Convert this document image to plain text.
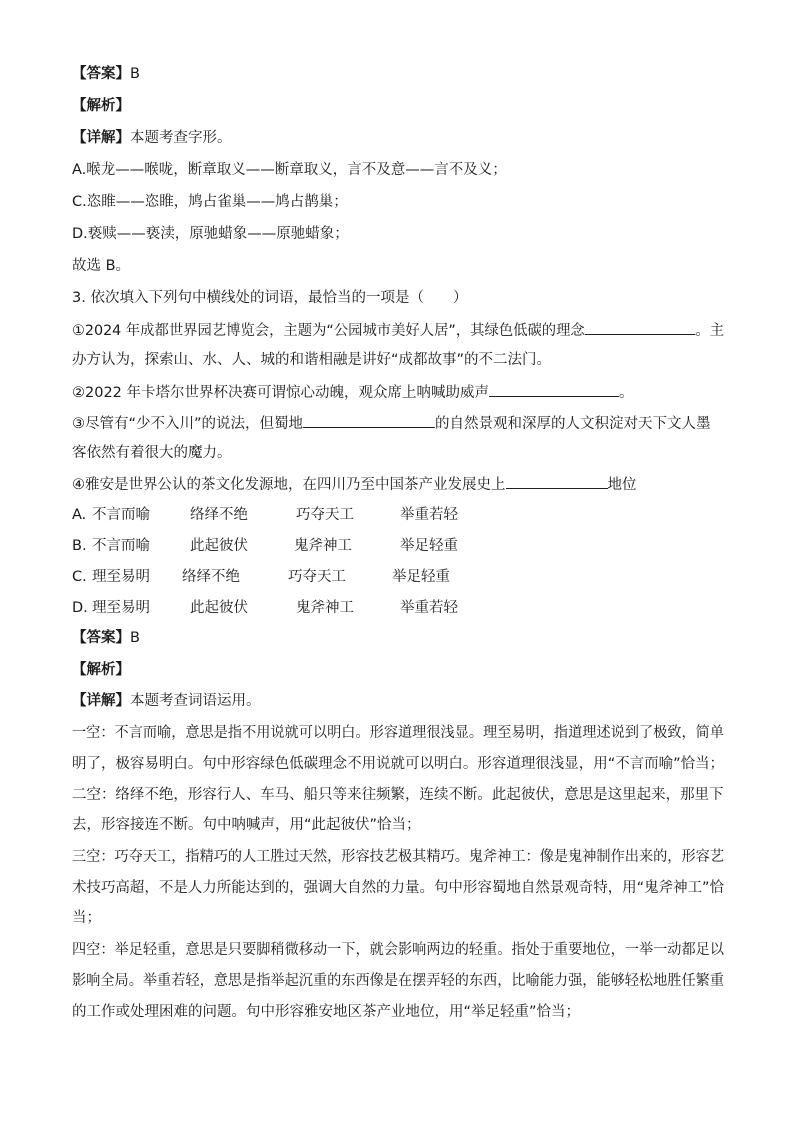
【答案】B
【解析】
【详解】本题考查字形。
A.喉龙——喉咙，断章取义——断章取义，言不及意——言不及义；
C.恣睢——恣睢，鸠占雀巢——鸠占鹊巢；
D.亵赎——亵渎，原驰蜡象——原驰蜡象；
故选 B。
3. 依次填入下列句中横线处的词语，最恰当的一项是（　　）
①2024 年成都世界园艺博览会，主题为“公园城市美好人居”，其绿色低碳的理念	。主
办方认为，探索山、水、人、城的和谐相融是讲好“成都故事”的不二法门。
②2022 年卡塔尔世界杯决赛可谓惊心动魄，观众席上呐喊助威声	。
③尽管有“少不入川”的说法，但蜀地	的自然景观和深厚的人文积淀对天下文人墨
客依然有着很大的魔力。
④雅安是世界公认的茶文化发源地，在四川乃至中国茶产业发展史上	地位
A. 不言而喻	络绎不绝	巧夺天工	举重若轻
B. 不言而喻	此起彼伏	鬼斧神工	举足轻重
C. 理至易明 络绎不绝	巧夺天工	举足轻重
D. 理至易明	此起彼伏	鬼斧神工	举重若轻
【答案】B
【解析】
【详解】本题考查词语运用。
一空：不言而喻，意思是指不用说就可以明白。形容道理很浅显。理至易明，指道理述说到了极致，简单
明了，极容易明白。句中形容绿色低碳理念不用说就可以明白。形容道理很浅显，用“不言而喻”恰当；
二空：络绎不绝，形容行人、车马、船只等来往频繁，连续不断。此起彼伏，意思是这里起来，那里下
去，形容接连不断。句中呐喊声，用“此起彼伏”恰当；
三空：巧夺天工，指精巧的人工胜过天然，形容技艺极其精巧。鬼斧神工：像是鬼神制作出来的，形容艺
术技巧高超，不是人力所能达到的，强调大自然的力量。句中形容蜀地自然景观奇特，用“鬼斧神工”恰
当；
四空：举足轻重，意思是只要脚稍微移动一下，就会影响两边的轻重。指处于重要地位，一举一动都足以
影响全局。举重若轻，意思是指举起沉重的东西像是在摆弄轻的东西，比喻能力强，能够轻松地胜任繁重
的工作或处理困难的问题。句中形容雅安地区茶产业地位，用“举足轻重”恰当；
